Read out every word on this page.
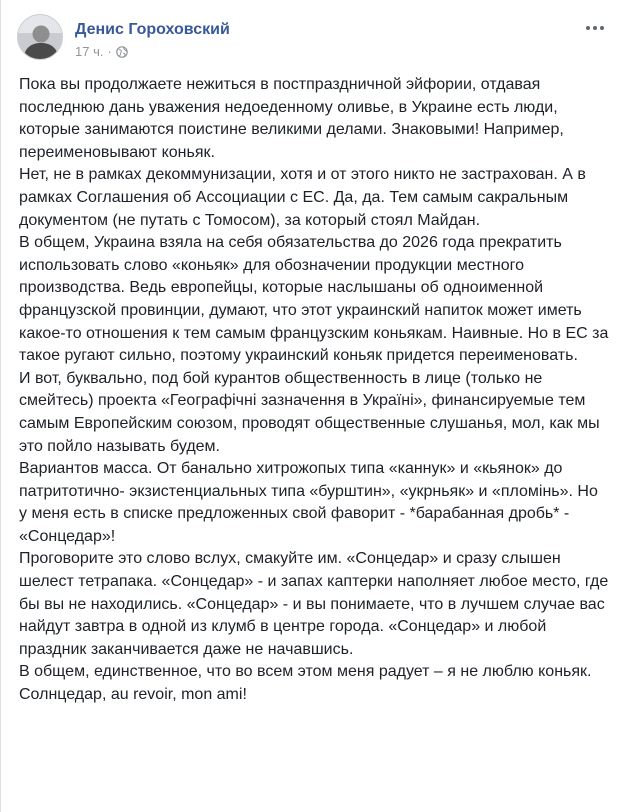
Денис Гороховский
17 ч. ·

Пока вы продолжаете нежиться в постпраздничной эйфории, отдавая последнюю дань уважения недоеденному оливье, в Украине есть люди, которые занимаются поистине великими делами. Знаковыми! Например, переименовывают коньяк.

Нет, не в рамках декоммунизации, хотя и от этого никто не застрахован. А в рамках Соглашения об Ассоциации с ЕС. Да, да. Тем самым сакральным документом (не путать с Томосом), за который стоял Майдан.

В общем, Украина взяла на себя обязательства до 2026 года прекратить использовать слово «коньяк» для обозначении продукции местного производства. Ведь европейцы, которые наслышаны об одноименной французской провинции, думают, что этот украинский напиток может иметь какое-то отношения к тем самым французским коньякам. Наивные. Но в ЕС за такое ругают сильно, поэтому украинский коньяк придется переименовать.

И вот, буквально, под бой курантов общественность в лице (только не смейтесь) проекта «Географічні зазначення в Україні», финансируемые тем самым Европейским союзом, проводят общественные слушанья, мол, как мы это пойло называть будем.

Вариантов масса. От банально хитрожопых типа «каннук» и «кьянок» до патритотично- экзистенциальных типа «бурштин», «укрньяк» и «пломінь». Но у меня есть в списке предложенных свой фаворит - *барабанная дробь* - «Сонцедар»!

Проговорите это слово вслух, смакуйте им. «Сонцедар» и сразу слышен шелест тетрапака. «Сонцедар» - и запах каптерки наполняет любое место, где бы вы не находились. «Сонцедар» - и вы понимаете, что в лучшем случае вас найдут завтра в одной из клумб в центре города. «Сонцедар» и любой праздник заканчивается даже не начавшись.

В общем, единственное, что во всем этом меня радует – я не люблю коньяк.

Солнцедар, au revoir, mon ami!
